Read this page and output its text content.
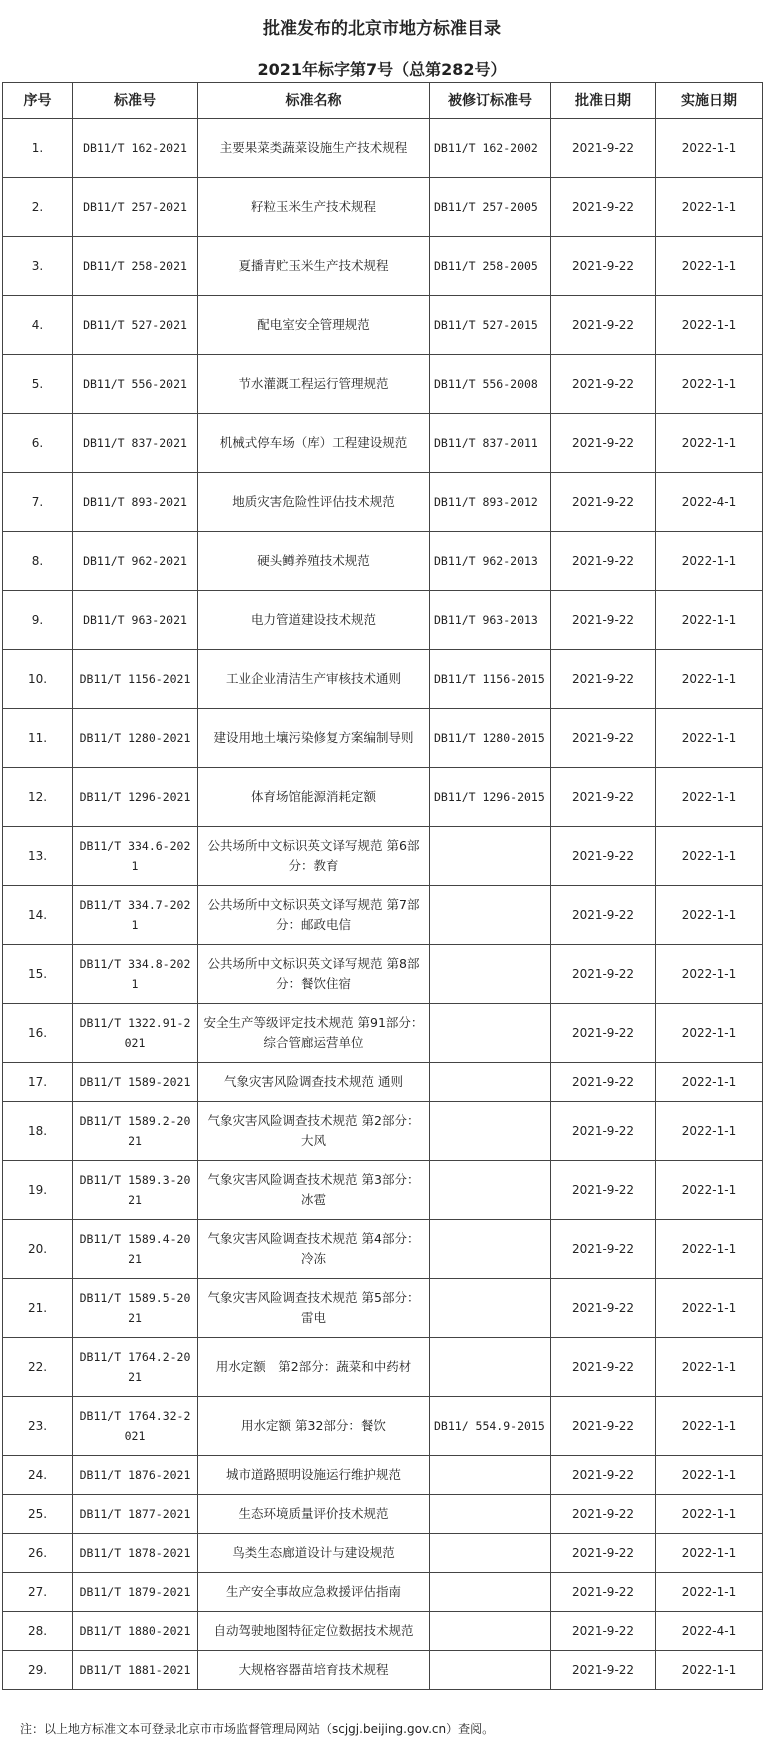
批准发布的北京市地方标准目录
2021年标字第7号（总第282号）
序号	标准号	标准名称	被修订标准号	批准日期	实施日期
1.	DB11/T 162-2021	主要果菜类蔬菜设施生产技术规程	DB11/T 162-2002	2021-9-22	2022-1-1
2.	DB11/T 257-2021	籽粒玉米生产技术规程	DB11/T 257-2005	2021-9-22	2022-1-1
3.	DB11/T 258-2021	夏播青贮玉米生产技术规程	DB11/T 258-2005	2021-9-22	2022-1-1
4.	DB11/T 527-2021	配电室安全管理规范	DB11/T 527-2015	2021-9-22	2022-1-1
5.	DB11/T 556-2021	节水灌溉工程运行管理规范	DB11/T 556-2008	2021-9-22	2022-1-1
6.	DB11/T 837-2021	机械式停车场（库）工程建设规范	DB11/T 837-2011	2021-9-22	2022-1-1
7.	DB11/T 893-2021	地质灾害危险性评估技术规范	DB11/T 893-2012	2021-9-22	2022-4-1
8.	DB11/T 962-2021	硬头鳟养殖技术规范	DB11/T 962-2013	2021-9-22	2022-1-1
9.	DB11/T 963-2021	电力管道建设技术规范	DB11/T 963-2013	2021-9-22	2022-1-1
10.	DB11/T 1156-2021	工业企业清洁生产审核技术通则	DB11/T 1156-2015	2021-9-22	2022-1-1
11.	DB11/T 1280-2021	建设用地土壤污染修复方案编制导则	DB11/T 1280-2015	2021-9-22	2022-1-1
12.	DB11/T 1296-2021	体育场馆能源消耗定额	DB11/T 1296-2015	2021-9-22	2022-1-1
13.	DB11/T 334.6-2021	公共场所中文标识英文译写规范 第6部分：教育		2021-9-22	2022-1-1
14.	DB11/T 334.7-2021	公共场所中文标识英文译写规范 第7部分：邮政电信		2021-9-22	2022-1-1
15.	DB11/T 334.8-2021	公共场所中文标识英文译写规范 第8部分：餐饮住宿		2021-9-22	2022-1-1
16.	DB11/T 1322.91-2021	安全生产等级评定技术规范 第91部分：综合管廊运营单位		2021-9-22	2022-1-1
17.	DB11/T 1589-2021	气象灾害风险调查技术规范 通则		2021-9-22	2022-1-1
18.	DB11/T 1589.2-2021	气象灾害风险调查技术规范 第2部分：大风		2021-9-22	2022-1-1
19.	DB11/T 1589.3-2021	气象灾害风险调查技术规范 第3部分：冰雹		2021-9-22	2022-1-1
20.	DB11/T 1589.4-2021	气象灾害风险调查技术规范 第4部分：冷冻		2021-9-22	2022-1-1
21.	DB11/T 1589.5-2021	气象灾害风险调查技术规范 第5部分：雷电		2021-9-22	2022-1-1
22.	DB11/T 1764.2-2021	用水定额　第2部分：蔬菜和中药材		2021-9-22	2022-1-1
23.	DB11/T 1764.32-2021	用水定额 第32部分：餐饮	DB11/ 554.9-2015	2021-9-22	2022-1-1
24.	DB11/T 1876-2021	城市道路照明设施运行维护规范		2021-9-22	2022-1-1
25.	DB11/T 1877-2021	生态环境质量评价技术规范		2021-9-22	2022-1-1
26.	DB11/T 1878-2021	鸟类生态廊道设计与建设规范		2021-9-22	2022-1-1
27.	DB11/T 1879-2021	生产安全事故应急救援评估指南		2021-9-22	2022-1-1
28.	DB11/T 1880-2021	自动驾驶地图特征定位数据技术规范		2021-9-22	2022-4-1
29.	DB11/T 1881-2021	大规格容器苗培育技术规程		2021-9-22	2022-1-1
注：以上地方标准文本可登录北京市市场监督管理局网站（scjgj.beijing.gov.cn）查阅。
